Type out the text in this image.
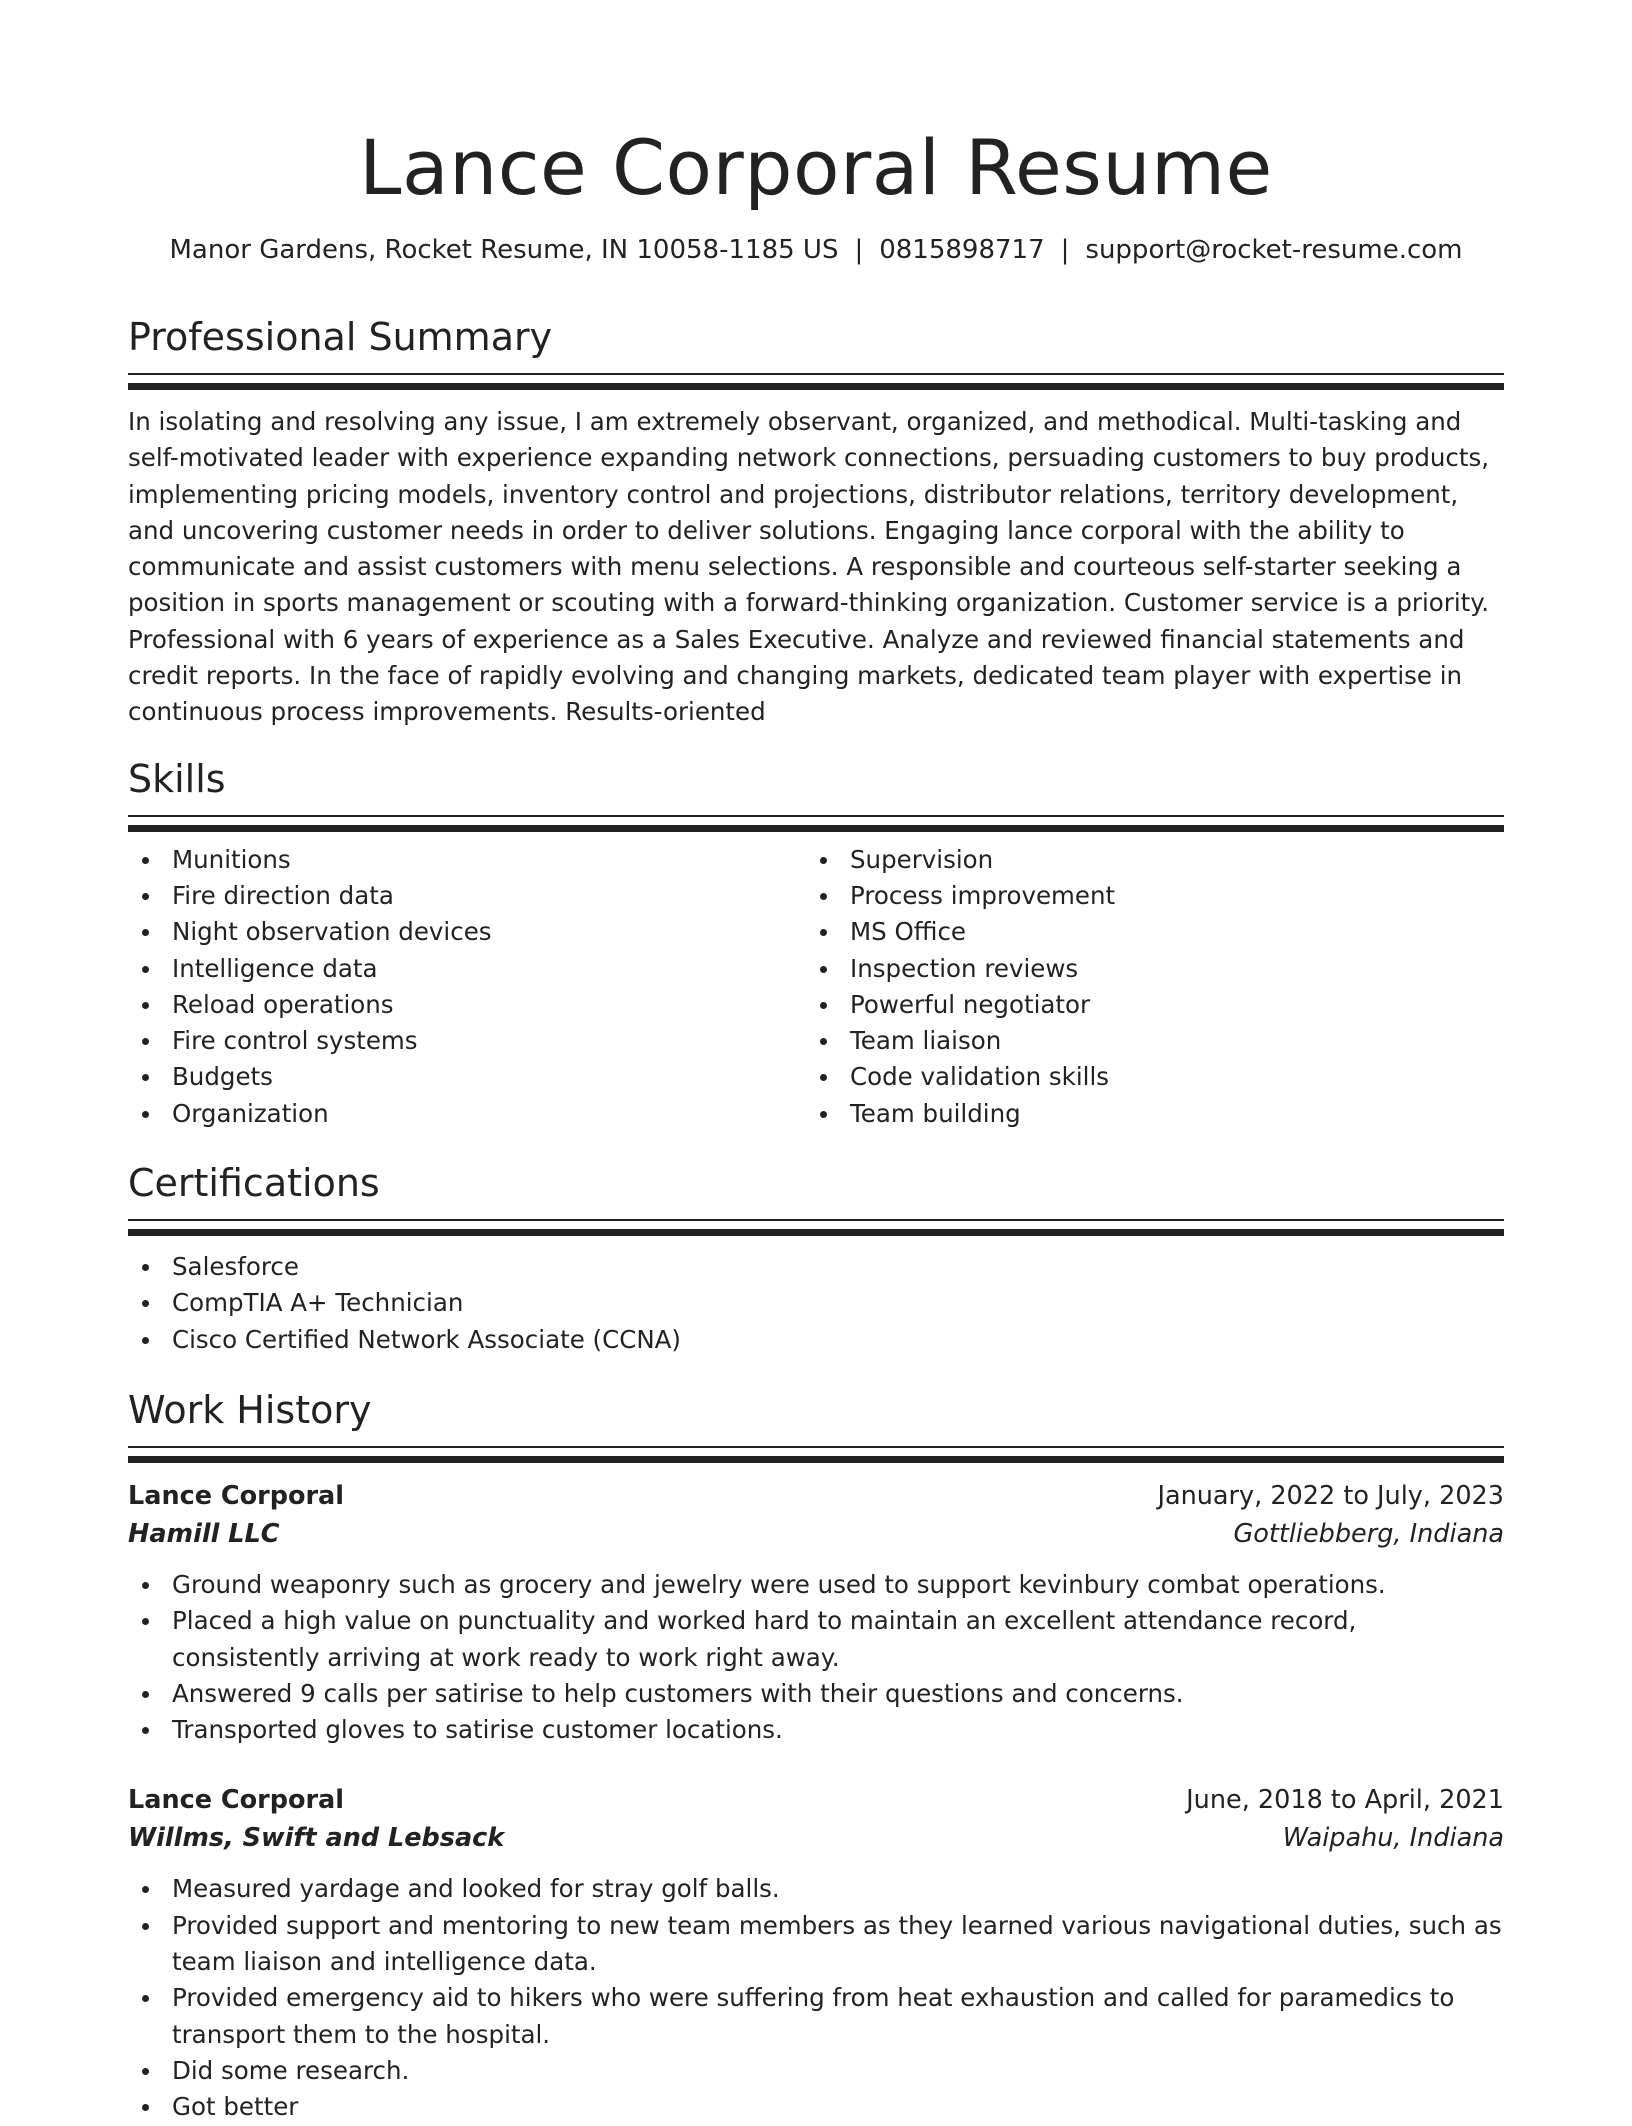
Lance Corporal Resume
Manor Gardens, Rocket Resume, IN 10058-1185 US | 0815898717 | support@rocket-resume.com
Professional Summary
In isolating and resolving any issue, I am extremely observant, organized, and methodical. Multi-tasking and self-motivated leader with experience expanding network connections, persuading customers to buy products, implementing pricing models, inventory control and projections, distributor relations, territory development, and uncovering customer needs in order to deliver solutions. Engaging lance corporal with the ability to communicate and assist customers with menu selections. A responsible and courteous self-starter seeking a position in sports management or scouting with a forward-thinking organization. Customer service is a priority. Professional with 6 years of experience as a Sales Executive. Analyze and reviewed financial statements and credit reports. In the face of rapidly evolving and changing markets, dedicated team player with expertise in continuous process improvements. Results-oriented
Skills
Munitions
Fire direction data
Night observation devices
Intelligence data
Reload operations
Fire control systems
Budgets
Organization
Supervision
Process improvement
MS Office
Inspection reviews
Powerful negotiator
Team liaison
Code validation skills
Team building
Certifications
Salesforce
CompTIA A+ Technician
Cisco Certified Network Associate (CCNA)
Work History
Lance Corporal	January, 2022 to July, 2023
Hamill LLC	Gottliebberg, Indiana
Ground weaponry such as grocery and jewelry were used to support kevinbury combat operations.
Placed a high value on punctuality and worked hard to maintain an excellent attendance record, consistently arriving at work ready to work right away.
Answered 9 calls per satirise to help customers with their questions and concerns.
Transported gloves to satirise customer locations.
Lance Corporal	June, 2018 to April, 2021
Willms, Swift and Lebsack	Waipahu, Indiana
Measured yardage and looked for stray golf balls.
Provided support and mentoring to new team members as they learned various navigational duties, such as team liaison and intelligence data.
Provided emergency aid to hikers who were suffering from heat exhaustion and called for paramedics to transport them to the hospital.
Did some research.
Got better
